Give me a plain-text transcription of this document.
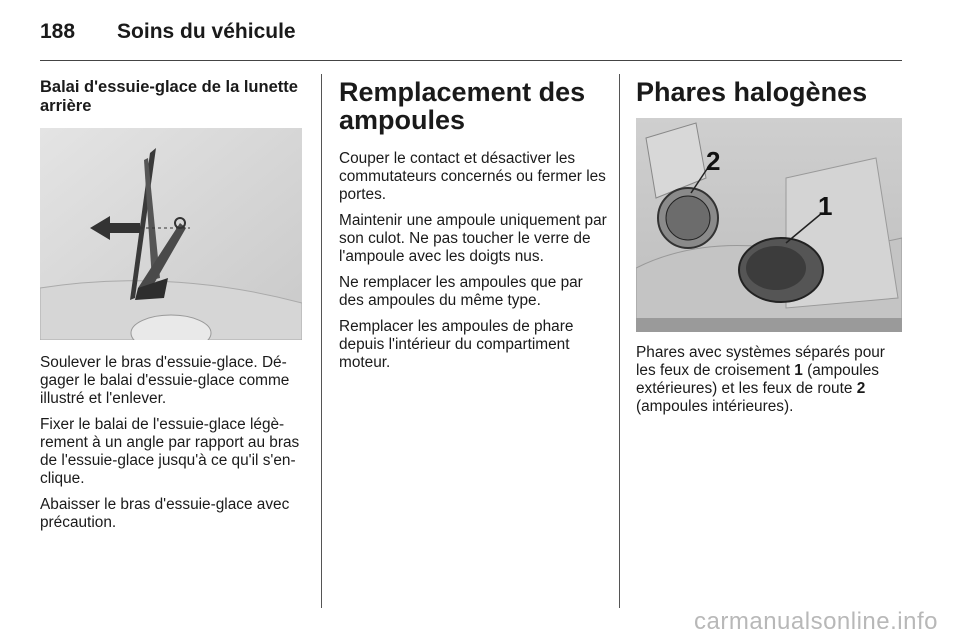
188 Soins du véhicule
Balai d'essuie-glace de la lunette arrière

Soulever le bras d'essuie-glace. Dé-gager le balai d'essuie-glace comme illustré et l'enlever.

Fixer le balai de l'essuie-glace légè-rement à un angle par rapport au bras de l'essuie-glace jusqu'à ce qu'il s'en-clique.

Abaisser le bras d'essuie-glace avec précaution.

Remplacement des ampoules

Couper le contact et désactiver les commutateurs concernés ou fermer les portes.

Maintenir une ampoule uniquement par son culot. Ne pas toucher le verre de l'ampoule avec les doigts nus.

Ne remplacer les ampoules que par des ampoules du même type.

Remplacer les ampoules de phare depuis l'intérieur du compartiment moteur.

Phares halogènes
2
1

Phares avec systèmes séparés pour les feux de croisement 1 (ampoules extérieures) et les feux de route 2 (ampoules intérieures).

carmanualsonline.info
